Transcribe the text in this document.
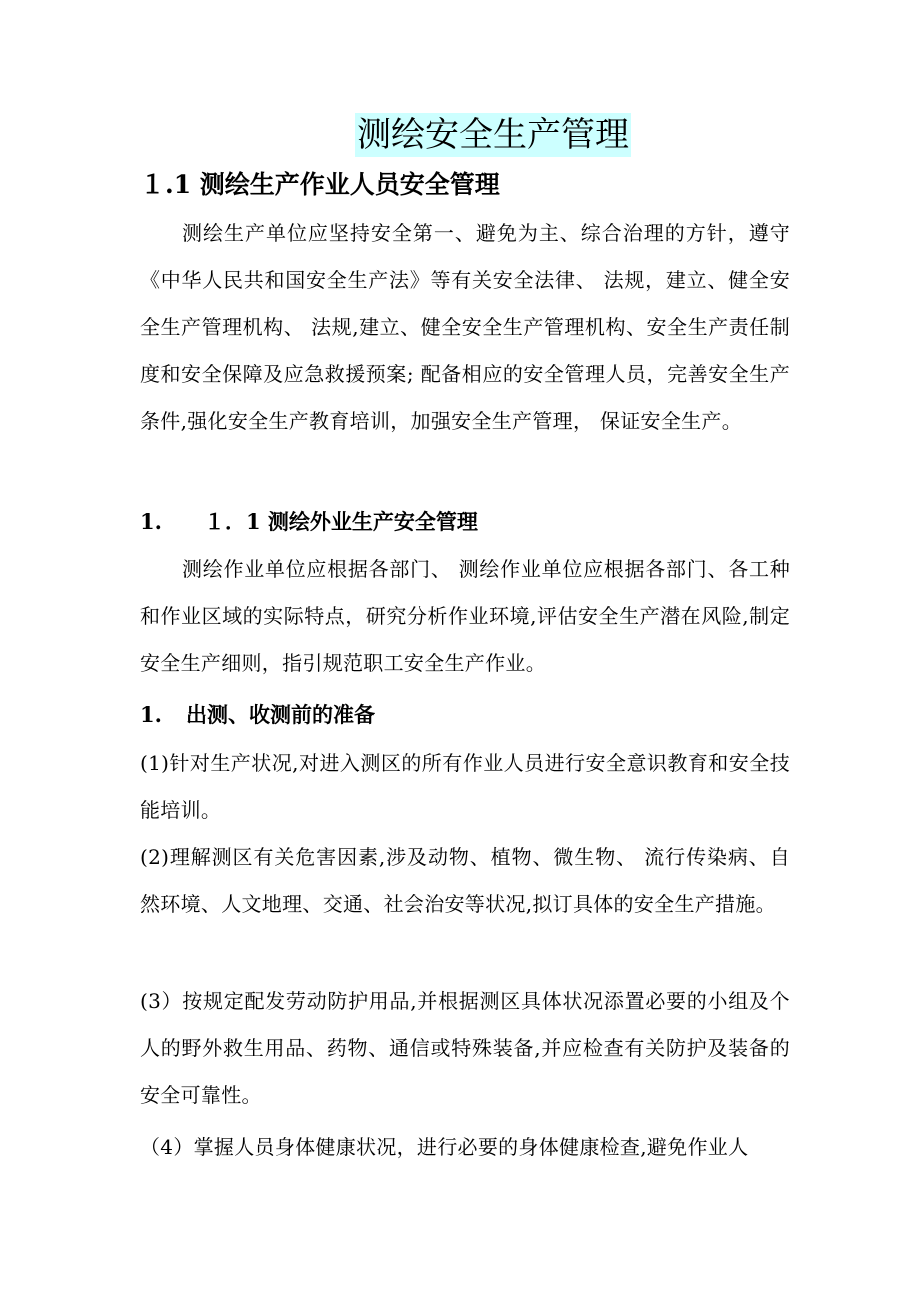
测绘安全生产管理
１.1 测绘生产作业人员安全管理
测绘生产单位应坚持安全第一、避免为主、综合治理的方针，遵守《中华人民共和国安全生产法》等有关安全法律、 法规，建立、健全安全生产管理机构、 法规,建立、健全安全生产管理机构、安全生产责任制度和安全保障及应急救援预案; 配备相应的安全管理人员，完善安全生产条件,强化安全生产教育培训，加强安全生产管理， 保证安全生产。
1. １．1 测绘外业生产安全管理
测绘作业单位应根据各部门、 测绘作业单位应根据各部门、各工种和作业区域的实际特点，研究分析作业环境,评估安全生产潜在风险,制定安全生产细则，指引规范职工安全生产作业。
1. 出测、收测前的准备
(1)针对生产状况,对进入测区的所有作业人员进行安全意识教育和安全技能培训。
(2)理解测区有关危害因素,涉及动物、植物、微生物、 流行传染病、自然环境、人文地理、交通、社会治安等状况,拟订具体的安全生产措施。
(3）按规定配发劳动防护用品,并根据测区具体状况添置必要的小组及个人的野外救生用品、药物、通信或特殊装备,并应检查有关防护及装备的安全可靠性。
（4）掌握人员身体健康状况，进行必要的身体健康检查,避免作业人
